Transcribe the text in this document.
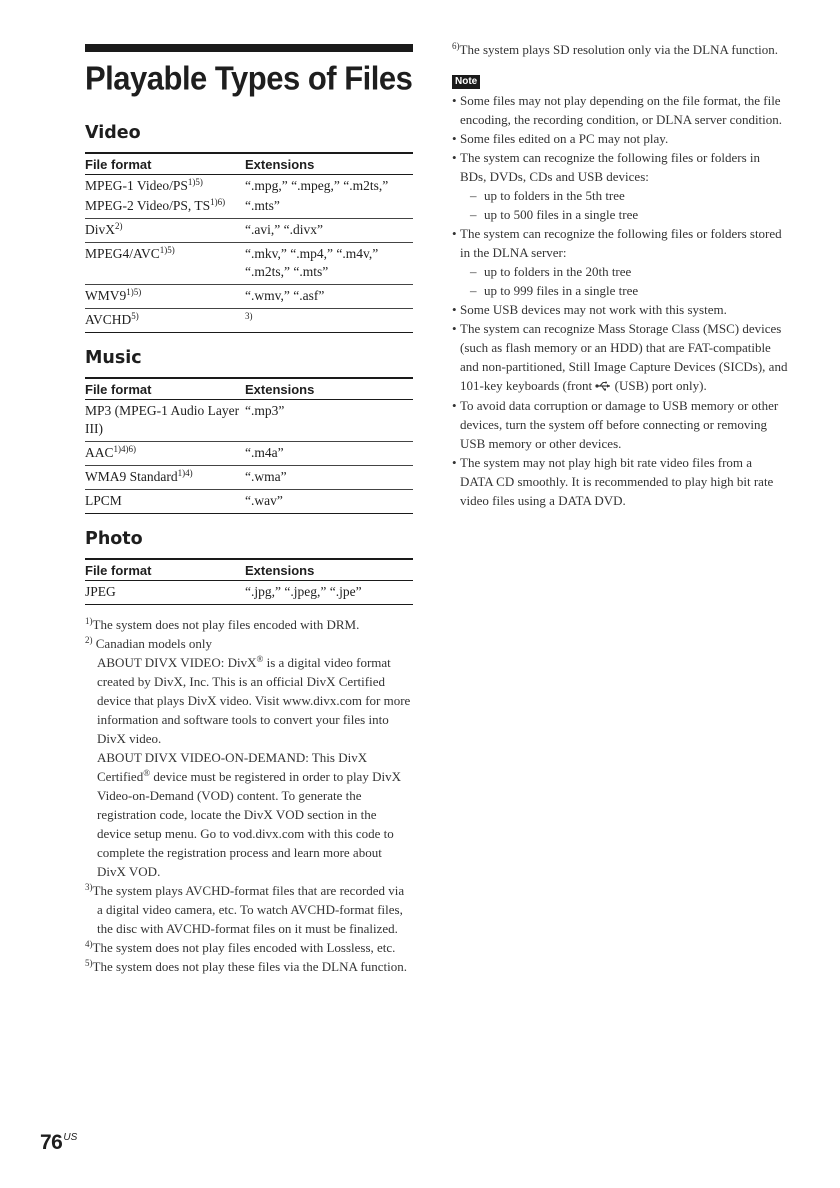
Playable Types of Files
Video
File format	Extensions
MPEG-1 Video/$PS^{1)5)}$	“.mpg,” “.mpeg,” “.m2ts,”
MPEG-2 Video/PS, $TS^{1)6)}$	“.mts”
DivX$^{2)}$	“.avi,” “.divx”
$MPEG4/AVC^{1)5)}$	“.mkv,” “.mp4,” “.m4v,” “.m2ts,” “.mts”
$WMV9^{1)5)}$	“.wmv,” “.asf”
AVCHD$^{5)}$	$^{3)}$
Music
File format	Extensions
MP3 (MPEG-1 Audio Layer III)	“.mp3”
$AAC^{1)4)6)}$	“.m4a”
WMA9 Standard$^{1)4)}$	“.wma”
LPCM	“.wav”
Photo
File format	Extensions
JPEG	“.jpg,” “.jpeg,” “.jpe”
$^{1)}$The system does not play files encoded with DRM.
$^{2)}$ Canadian models only
ABOUT DIVX VIDEO: DivX® is a digital video format created by DivX, Inc. This is an official DivX Certified device that plays DivX video. Visit www.divx.com for more information and software tools to convert your files into DivX video.
ABOUT DIVX VIDEO-ON-DEMAND: This DivX Certified® device must be registered in order to play DivX Video-on-Demand (VOD) content. To generate the registration code, locate the DivX VOD section in the device setup menu. Go to vod.divx.com with this code to complete the registration process and learn more about DivX VOD.
$^{3)}$The system plays AVCHD-format files that are recorded via a digital video camera, etc. To watch AVCHD-format files, the disc with AVCHD-format files on it must be finalized.
$^{4)}$The system does not play files encoded with Lossless, etc.
$^{5)}$The system does not play these files via the DLNA function.
$^{6)}$The system plays SD resolution only via the DLNA function.
Note
• Some files may not play depending on the file format, the file encoding, the recording condition, or DLNA server condition.
• Some files edited on a PC may not play.
• The system can recognize the following files or folders in BDs, DVDs, CDs and USB devices:
– up to folders in the 5th tree
– up to 500 files in a single tree
• The system can recognize the following files or folders stored in the DLNA server:
– up to folders in the 20th tree
– up to 999 files in a single tree
• Some USB devices may not work with this system.
• The system can recognize Mass Storage Class (MSC) devices (such as flash memory or an HDD) that are FAT-compatible and non-partitioned, Still Image Capture Devices (SICDs), and 101-key keyboards (front (USB) port only).
• To avoid data corruption or damage to USB memory or other devices, turn the system off before connecting or removing USB memory or other devices.
• The system may not play high bit rate video files from a DATA CD smoothly. It is recommended to play high bit rate video files using a DATA DVD.
$76^{US}$
